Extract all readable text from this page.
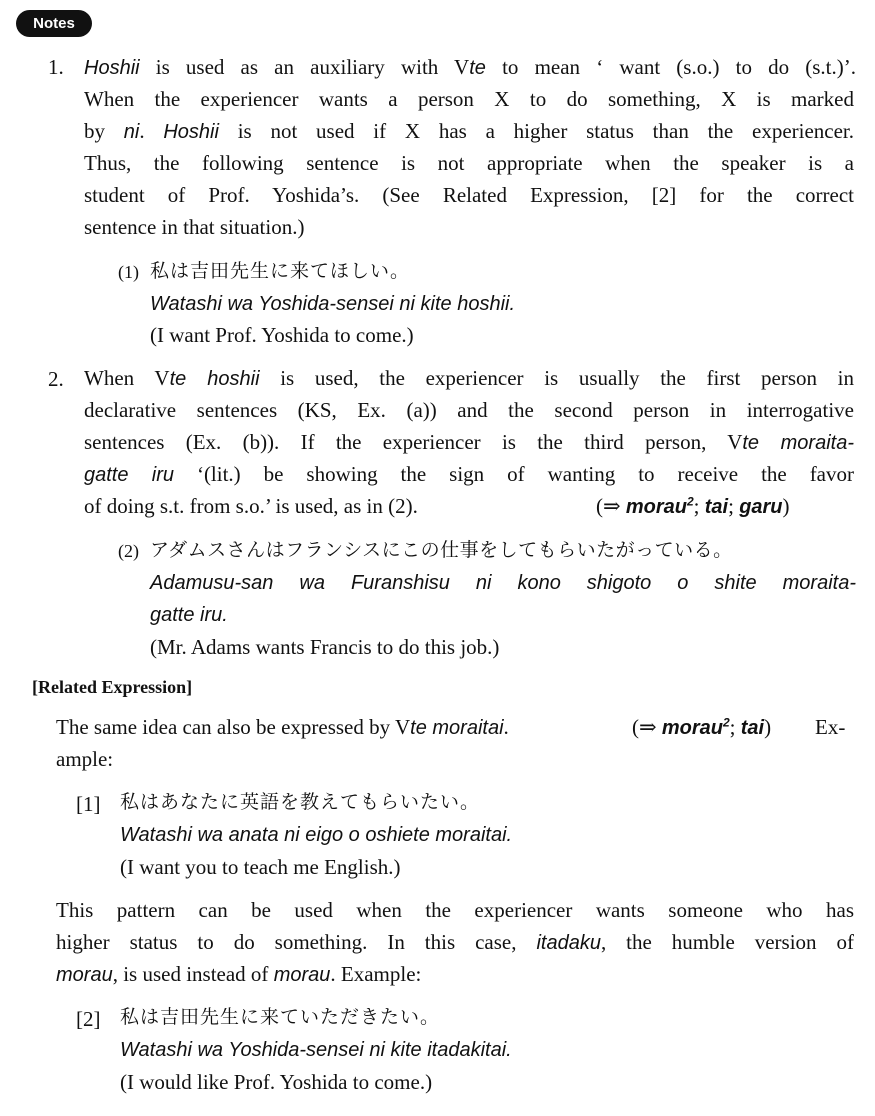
Notes
1. Hoshii is used as an auxiliary with Vte to mean ‘ want (s.o.) to do (s.t.)’.
When the experiencer wants a person X to do something, X is marked
by ni. Hoshii is not used if X has a higher status than the experiencer.
Thus, the following sentence is not appropriate when the speaker is a
student of Prof. Yoshida’s. (See Related Expression, [2] for the correct
sentence in that situation.)
(1) 私は吉田先生に来てほしい。
Watashi wa Yoshida-sensei ni kite hoshii.
(I want Prof. Yoshida to come.)
2. When Vte hoshii is used, the experiencer is usually the first person in
declarative sentences (KS, Ex. (a)) and the second person in interrogative
sentences (Ex. (b)). If the experiencer is the third person, Vte moraita-
gatte iru ‘(lit.) be showing the sign of wanting to receive the favor
of doing s.t. from s.o.’ is used, as in (2).	(⇒ morau$^2$; tai; garu)
(2) アダムスさんはフランシスにこの仕事をしてもらいたがっている。
Adamusu-san wa Furanshisu ni kono shigoto o shite moraita-
gatte iru.
(Mr. Adams wants Francis to do this job.)
[Related Expression]
The same idea can also be expressed by Vte moraitai.	(⇒ morau$^2$; tai) Ex-
ample:
[1] 私はあなたに英語を教えてもらいたい。
Watashi wa anata ni eigo o oshiete moraitai.
(I want you to teach me English.)
This pattern can be used when the experiencer wants someone who has
higher status to do something. In this case, itadaku, the humble version of
morau, is used instead of morau. Example:
[2] 私は吉田先生に来ていただきたい。
Watashi wa Yoshida-sensei ni kite itadakitai.
(I would like Prof. Yoshida to come.)
